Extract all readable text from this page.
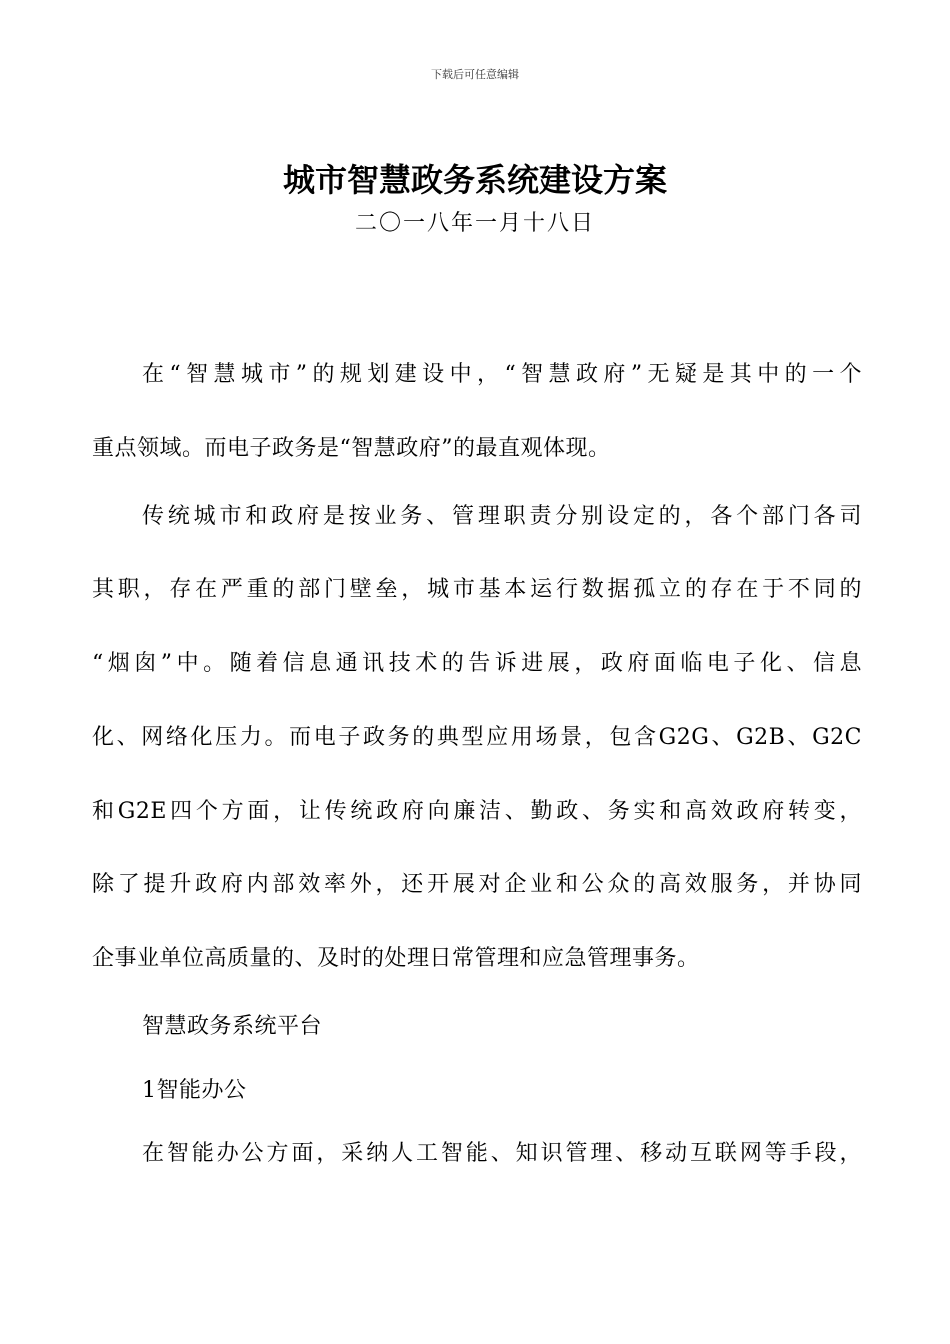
下载后可任意编辑
城市智慧政务系统建设方案
二〇一八年一月十八日
在“智慧城市”的规划建设中，“智慧政府”无疑是其中的一个
重点领域。而电子政务是“智慧政府”的最直观体现。
传统城市和政府是按业务、管理职责分别设定的，各个部门各司
其职，存在严重的部门壁垒，城市基本运行数据孤立的存在于不同的
“烟囱”中。随着信息通讯技术的告诉进展，政府面临电子化、信息
化、网络化压力。而电子政务的典型应用场景，包含G2G、G2B、G2C
和G2E四个方面，让传统政府向廉洁、勤政、务实和高效政府转变，
除了提升政府内部效率外，还开展对企业和公众的高效服务，并协同
企事业单位高质量的、及时的处理日常管理和应急管理事务。
智慧政务系统平台
1智能办公
在智能办公方面，采纳人工智能、知识管理、移动互联网等手段，
